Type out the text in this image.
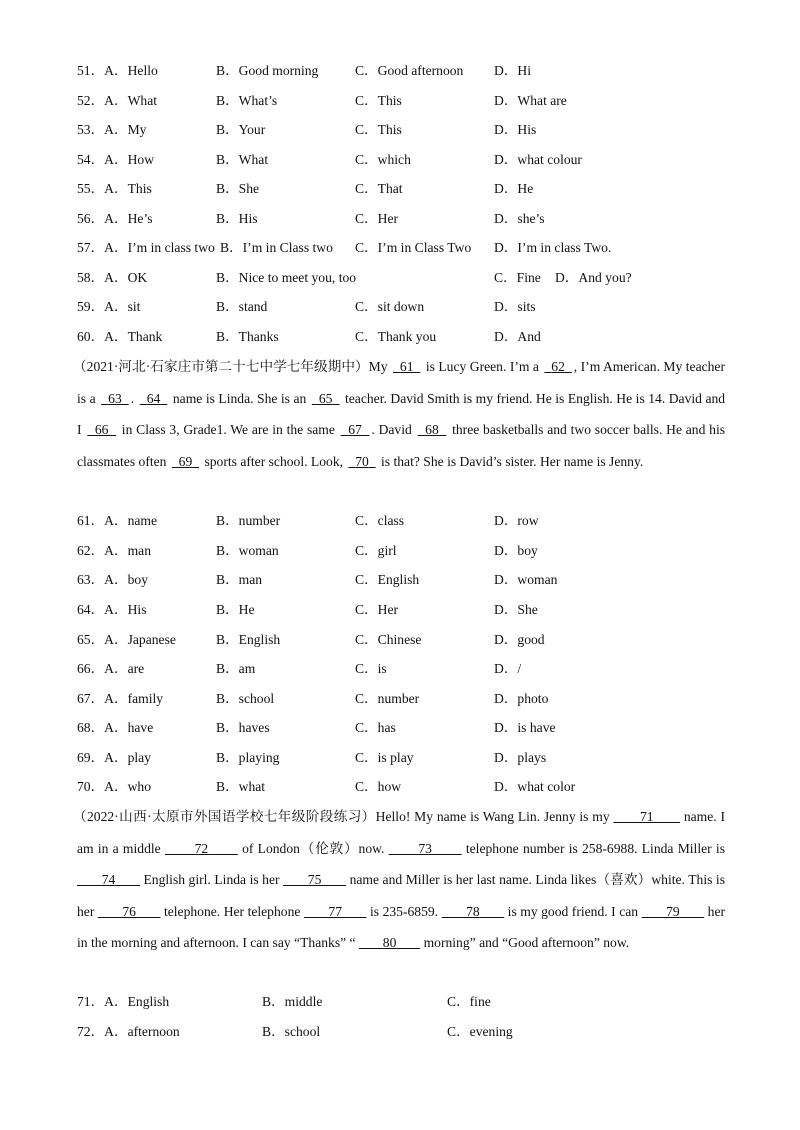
51．A．Hello	B．Good morning	C．Good afternoon D．Hi
52．A．What	B．What’s	C．This	D．What are
53．A．My	B．Your	C．This	D．His
54．A．How	B．What	C．which	D．what colour
55．A．This	B．She	C．That	D．He
56．A．He’s	B．His	C．Her	D．she’s
57．A．I’m in class two B．I’m in Class two C．I’m in Class Two D．I’m in class Two.
58．A．OK	B．Nice to meet you, too	C．Fine D．And you?
59．A．sit	B．stand	C．sit down	D．sits
60．A．Thank	B．Thanks	C．Thank you	D．And
（2021·河北·石家庄市第二十七中学七年级期中）My   61   is Lucy Green. I’m a   62 , I’m American. My teacher is a   63 .   64   name is Linda. She is an   65   teacher. David Smith is my friend. He is English. He is 14. David and I   66   in Class 3, Grade1. We are in the same   67 . David   68   three basketballs and two soccer balls. He and his classmates often   69   sports after school. Look,   70   is that? She is David’s sister. Her name is Jenny.
61．A．name	B．number	C．class	D．row
62．A．man	B．woman	C．girl	D．boy
63．A．boy	B．man	C．English	D．woman
64．A．His	B．He	C．Her	D．She
65．A．Japanese	B．English	C．Chinese	D．good
66．A．are	B．am	C．is	D．/
67．A．family	B．school	C．number	D．photo
68．A．have	B．haves	C．has	D．is have
69．A．play	B．playing	C．is play	D．plays
70．A．who	B．what	C．how	D．what color
（2022·山西·太原市外国语学校七年级阶段练习）Hello! My name is Wang Lin. Jenny is my        71        name. I am in a middle        72        of London（伦敦）now.        73        telephone number is 258-6988. Linda Miller is        74        English girl. Linda is her        75        name and Miller is her last name. Linda likes（喜欢）white. This is her        76        telephone. Her telephone        77        is 235-6859.        78        is my good friend. I can        79        her in the morning and afternoon. I can say “Thanks” “        80        morning” and “Good afternoon” now.
71．A．English	B．middle	C．fine
72．A．afternoon	B．school	C．evening
